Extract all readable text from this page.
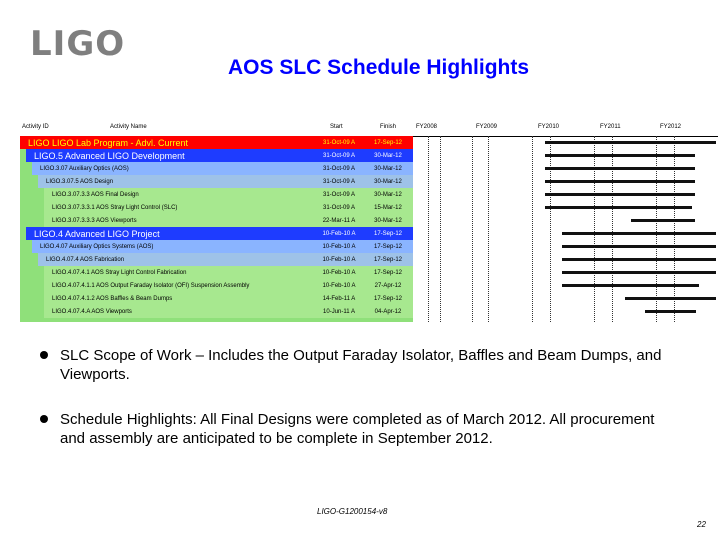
LIGO
AOS SLC Schedule Highlights
Activity ID	Activity Name	Start	Finish	FY2008	FY2009	FY2010	FY2011	FY2012
LIGO LIGO Lab Program - Advl. Current	31-Oct-09 A	17-Sep-12
LIGO.5 Advanced LIGO Development	31-Oct-09 A	30-Mar-12
LIGO.3.07 Auxiliary Optics (AOS)	31-Oct-09 A	30-Mar-12
LIGO.3.07.5 AOS Design	31-Oct-09 A	30-Mar-12
LIGO.3.07.3.3 AOS Final Design	31-Oct-09 A	30-Mar-12
LIGO.3.07.3.3.1 AOS Stray Light Control (SLC)	31-Oct-09 A	15-Mar-12
LIGO.3.07.3.3.3 AOS Viewports	22-Mar-11 A	30-Mar-12
LIGO.4 Advanced LIGO Project	10-Feb-10 A	17-Sep-12
LIGO.4.07 Auxiliary Optics Systems (AOS)	10-Feb-10 A	17-Sep-12
LIGO.4.07.4 AOS Fabrication	10-Feb-10 A	17-Sep-12
LIGO.4.07.4.1 AOS Stray Light Control Fabrication	10-Feb-10 A	17-Sep-12
LIGO.4.07.4.1.1 AOS Output Faraday Isolator (OFI) Suspension Assembly	10-Feb-10 A	27-Apr-12
LIGO.4.07.4.1.2 AOS Baffles & Beam Dumps	14-Feb-11 A	17-Sep-12
LIGO.4.07.4.A AOS Viewports	10-Jun-11 A	04-Apr-12
SLC Scope of Work – Includes the Output Faraday Isolator, Baffles and Beam Dumps, and Viewports.
Schedule Highlights: All Final Designs were completed as of March 2012. All procurement and assembly are anticipated to be complete in September 2012.
LIGO-G1200154-v8
22
